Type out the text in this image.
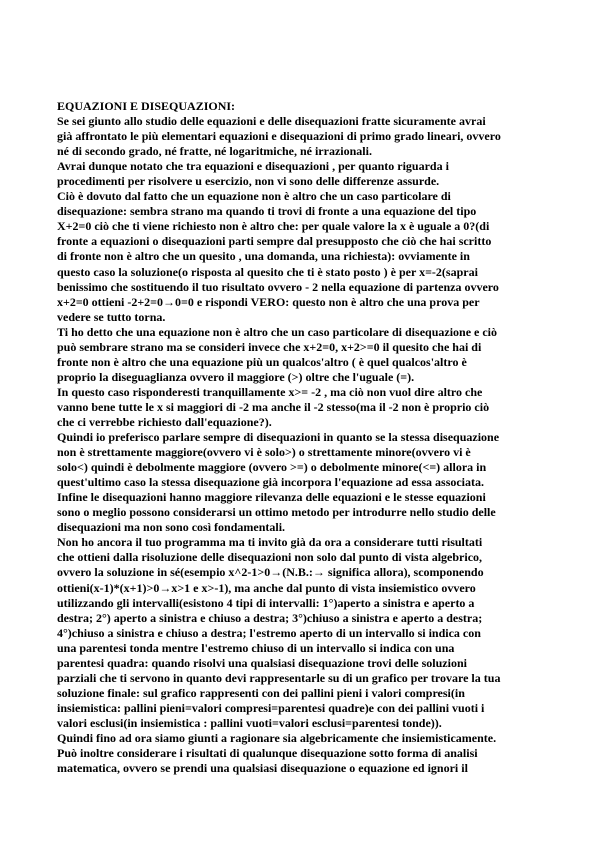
EQUAZIONI E DISEQUAZIONI:
Se sei giunto allo studio delle equazioni e delle disequazioni fratte sicuramente avrai
già affrontato le più elementari equazioni e disequazioni di primo grado lineari, ovvero
né di secondo grado, né fratte, né logaritmiche, né irrazionali.
Avrai dunque notato che tra equazioni e disequazioni , per quanto riguarda i
procedimenti per risolvere u esercizio, non vi sono delle differenze assurde.
Ciò è dovuto dal fatto che un equazione non è altro che un caso particolare di
disequazione: sembra strano ma quando ti trovi di fronte a una equazione del tipo
X+2=0 ciò che ti viene richiesto non è altro che: per quale valore la x è uguale a 0?(di
fronte a equazioni o disequazioni parti sempre dal presupposto che ciò che hai scritto
di fronte non è altro che un quesito , una domanda, una richiesta): ovviamente in
questo caso la soluzione(o risposta al quesito che ti è stato posto ) è per x=-2(saprai
benissimo che sostituendo il tuo risultato ovvero - 2 nella equazione di partenza ovvero
x+2=0 ottieni -2+2=0→0=0 e rispondi VERO: questo non è altro che una prova per
vedere se tutto torna.
Ti ho detto che una equazione non è altro che un caso particolare di disequazione e ciò
può sembrare strano ma se consideri invece che x+2=0, x+2>=0 il quesito che hai di
fronte non è altro che una equazione più un qualcos'altro ( è quel qualcos'altro è
proprio la diseguaglianza ovvero il maggiore (>) oltre che l'uguale (=).
In questo caso risponderesti tranquillamente x>= -2 , ma ciò non vuol dire altro che
vanno bene tutte le x si maggiori di -2 ma anche il -2 stesso(ma il -2 non è proprio ciò
che ci verrebbe richiesto dall'equazione?).
Quindi io preferisco parlare sempre di disequazioni in quanto se la stessa disequazione
non è strettamente maggiore(ovvero vi è solo>) o strettamente minore(ovvero vi è
solo<) quindi è debolmente maggiore (ovvero >=) o debolmente minore(<=) allora in
quest'ultimo caso la stessa disequazione già incorpora l'equazione ad essa associata.
Infine le disequazioni hanno maggiore rilevanza delle equazioni e le stesse equazioni
sono o meglio possono considerarsi un ottimo metodo per introdurre nello studio delle
disequazioni ma non sono così fondamentali.
Non ho ancora il tuo programma ma ti invito già da ora a considerare tutti risultati
che ottieni dalla risoluzione delle disequazioni non solo dal punto di vista algebrico,
ovvero la soluzione in sé(esempio x^2-1>0→(N.B.:→ significa allora), scomponendo
ottieni(x-1)*(x+1)>0→x>1 e x>-1), ma anche dal punto di vista insiemistico ovvero
utilizzando gli intervalli(esistono 4 tipi di intervalli: 1°)aperto a sinistra e aperto a
destra; 2°) aperto a sinistra e chiuso a destra; 3°)chiuso a sinistra e aperto a destra;
4°)chiuso a sinistra e chiuso a destra; l'estremo aperto di un intervallo si indica con
una parentesi tonda mentre l'estremo chiuso di un intervallo si indica con una
parentesi quadra: quando risolvi una qualsiasi disequazione trovi delle soluzioni
parziali che ti servono in quanto devi rappresentarle su di un grafico per trovare la tua
soluzione finale: sul grafico rappresenti con dei pallini pieni i valori compresi(in
insiemistica: pallini pieni=valori compresi=parentesi quadre)e con dei pallini vuoti i
valori esclusi(in insiemistica : pallini vuoti=valori esclusi=parentesi tonde)).
Quindi fino ad ora siamo giunti a ragionare sia algebricamente che insiemisticamente.
Può inoltre considerare i risultati di qualunque disequazione sotto forma di analisi
matematica, ovvero se prendi una qualsiasi disequazione o equazione ed ignori il
